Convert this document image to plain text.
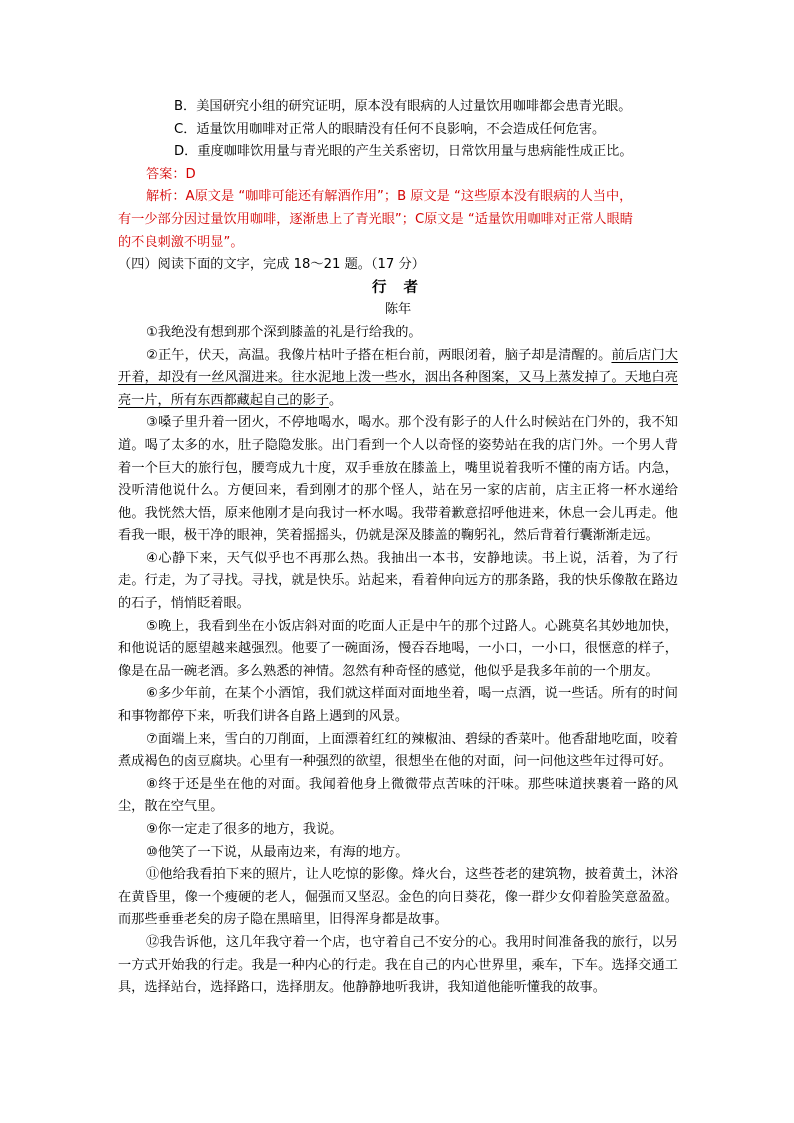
B．美国研究小组的研究证明，原本没有眼病的人过量饮用咖啡都会患青光眼。
C．适量饮用咖啡对正常人的眼睛没有任何不良影响，不会造成任何危害。
D．重度咖啡饮用量与青光眼的产生关系密切，日常饮用量与患病能性成正比。
答案：D
解析：A原文是 “咖啡可能还有解酒作用”；B 原文是 “这些原本没有眼病的人当中，
有一少部分因过量饮用咖啡，逐渐患上了青光眼”；C原文是 “适量饮用咖啡对正常人眼睛
的不良刺激不明显”。
（四）阅读下面的文字，完成 18～21 题。（17 分）
行 者
陈年

①我绝没有想到那个深到膝盖的礼是行给我的。

②正午，伏天，高温。我像片枯叶子搭在柜台前，两眼闭着，脑子却是清醒的。前后店门大开着，却没有一丝风溜进来。往水泥地上泼一些水，洇出各种图案，又马上蒸发掉了。天地白亮亮一片，所有东西都藏起自己的影子。

③嗓子里升着一团火，不停地喝水，喝水。那个没有影子的人什么时候站在门外的，我不知道。喝了太多的水，肚子隐隐发胀。出门看到一个人以奇怪的姿势站在我的店门外。一个男人背着一个巨大的旅行包，腰弯成九十度，双手垂放在膝盖上，嘴里说着我听不懂的南方话。内急，没听清他说什么。方便回来，看到刚才的那个怪人，站在另一家的店前，店主正将一杯水递给他。我恍然大悟，原来他刚才是向我讨一杯水喝。我带着歉意招呼他进来，休息一会儿再走。他看我一眼，极干净的眼神，笑着摇摇头，仍就是深及膝盖的鞠躬礼，然后背着行囊渐渐走远。

④心静下来，天气似乎也不再那么热。我抽出一本书，安静地读。书上说，活着，为了行走。行走，为了寻找。寻找，就是快乐。站起来，看着伸向远方的那条路，我的快乐像散在路边的石子，悄悄眨着眼。

⑤晚上，我看到坐在小饭店斜对面的吃面人正是中午的那个过路人。心跳莫名其妙地加快，和他说话的愿望越来越强烈。他要了一碗面汤，慢吞吞地喝，一小口，一小口，很惬意的样子，像是在品一碗老酒。多么熟悉的神情。忽然有种奇怪的感觉，他似乎是我多年前的一个朋友。

⑥多少年前，在某个小酒馆，我们就这样面对面地坐着，喝一点酒，说一些话。所有的时间和事物都停下来，听我们讲各自路上遇到的风景。

⑦面端上来，雪白的刀削面，上面漂着红红的辣椒油、碧绿的香菜叶。他香甜地吃面，咬着煮成褐色的卤豆腐块。心里有一种强烈的欲望，很想坐在他的对面，问一问他这些年过得可好。

⑧终于还是坐在他的对面。我闻着他身上微微带点苦味的汗味。那些味道挟裹着一路的风尘，散在空气里。

⑨你一定走了很多的地方，我说。

⑩他笑了一下说，从最南边来，有海的地方。

⑪他给我看拍下来的照片，让人吃惊的影像。烽火台，这些苍老的建筑物，披着黄土，沐浴在黄昏里，像一个瘦硬的老人，倔强而又坚忍。金色的向日葵花，像一群少女仰着脸笑意盈盈。而那些垂垂老矣的房子隐在黑暗里，旧得浑身都是故事。

⑫我告诉他，这几年我守着一个店，也守着自己不安分的心。我用时间准备我的旅行，以另一方式开始我的行走。我是一种内心的行走。我在自己的内心世界里，乘车，下车。选择交通工具，选择站台，选择路口，选择朋友。他静静地听我讲，我知道他能听懂我的故事。
